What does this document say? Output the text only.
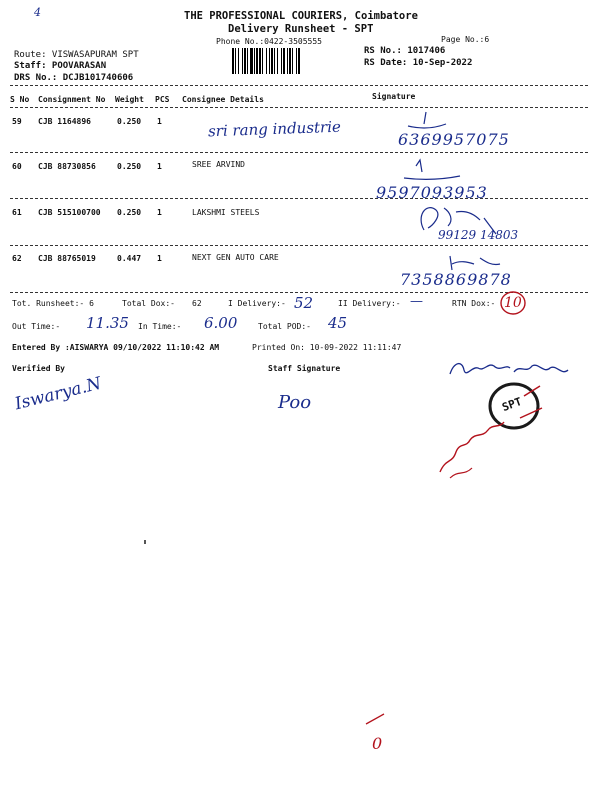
4	THE PROFESSIONAL COURIERS, Coimbatore
Delivery Runsheet - SPT
Phone No.:0422-3505555	Page No.:6
Route: VISWASAPURAM SPT
Staff: POOVARASAN
DRS No.: DCJB101740606
RS No.: 1017406
RS Date: 10-Sep-2022
S No Consignment No Weight PCS Consignee Details	Signature
59 CJB 1164896	0.250 1	sri rang industrie	6369957075
60 CJB 88730856	0.250 1	SREE ARVIND
9597093953
61 CJB 515100700 0.250 1	LAKSHMI STEELS
99129 14803
62 CJB 88765019	0.447 1	NEXT GEN AUTO CARE
7358869878
Tot. Runsheet:- 6	Total Dox:- 62	I Delivery:- 52	II Delivery:- —	RTN Dox:- 10
Out Time:- 11.35 In Time:- 6.00	Total POD:- 45
Entered By :AISWARYA 09/10/2022 11:10:42 AM	Printed On: 10-09-2022 11:11:47
Verified By
Iswarya.N
Staff Signature
Poo	SPT
0
